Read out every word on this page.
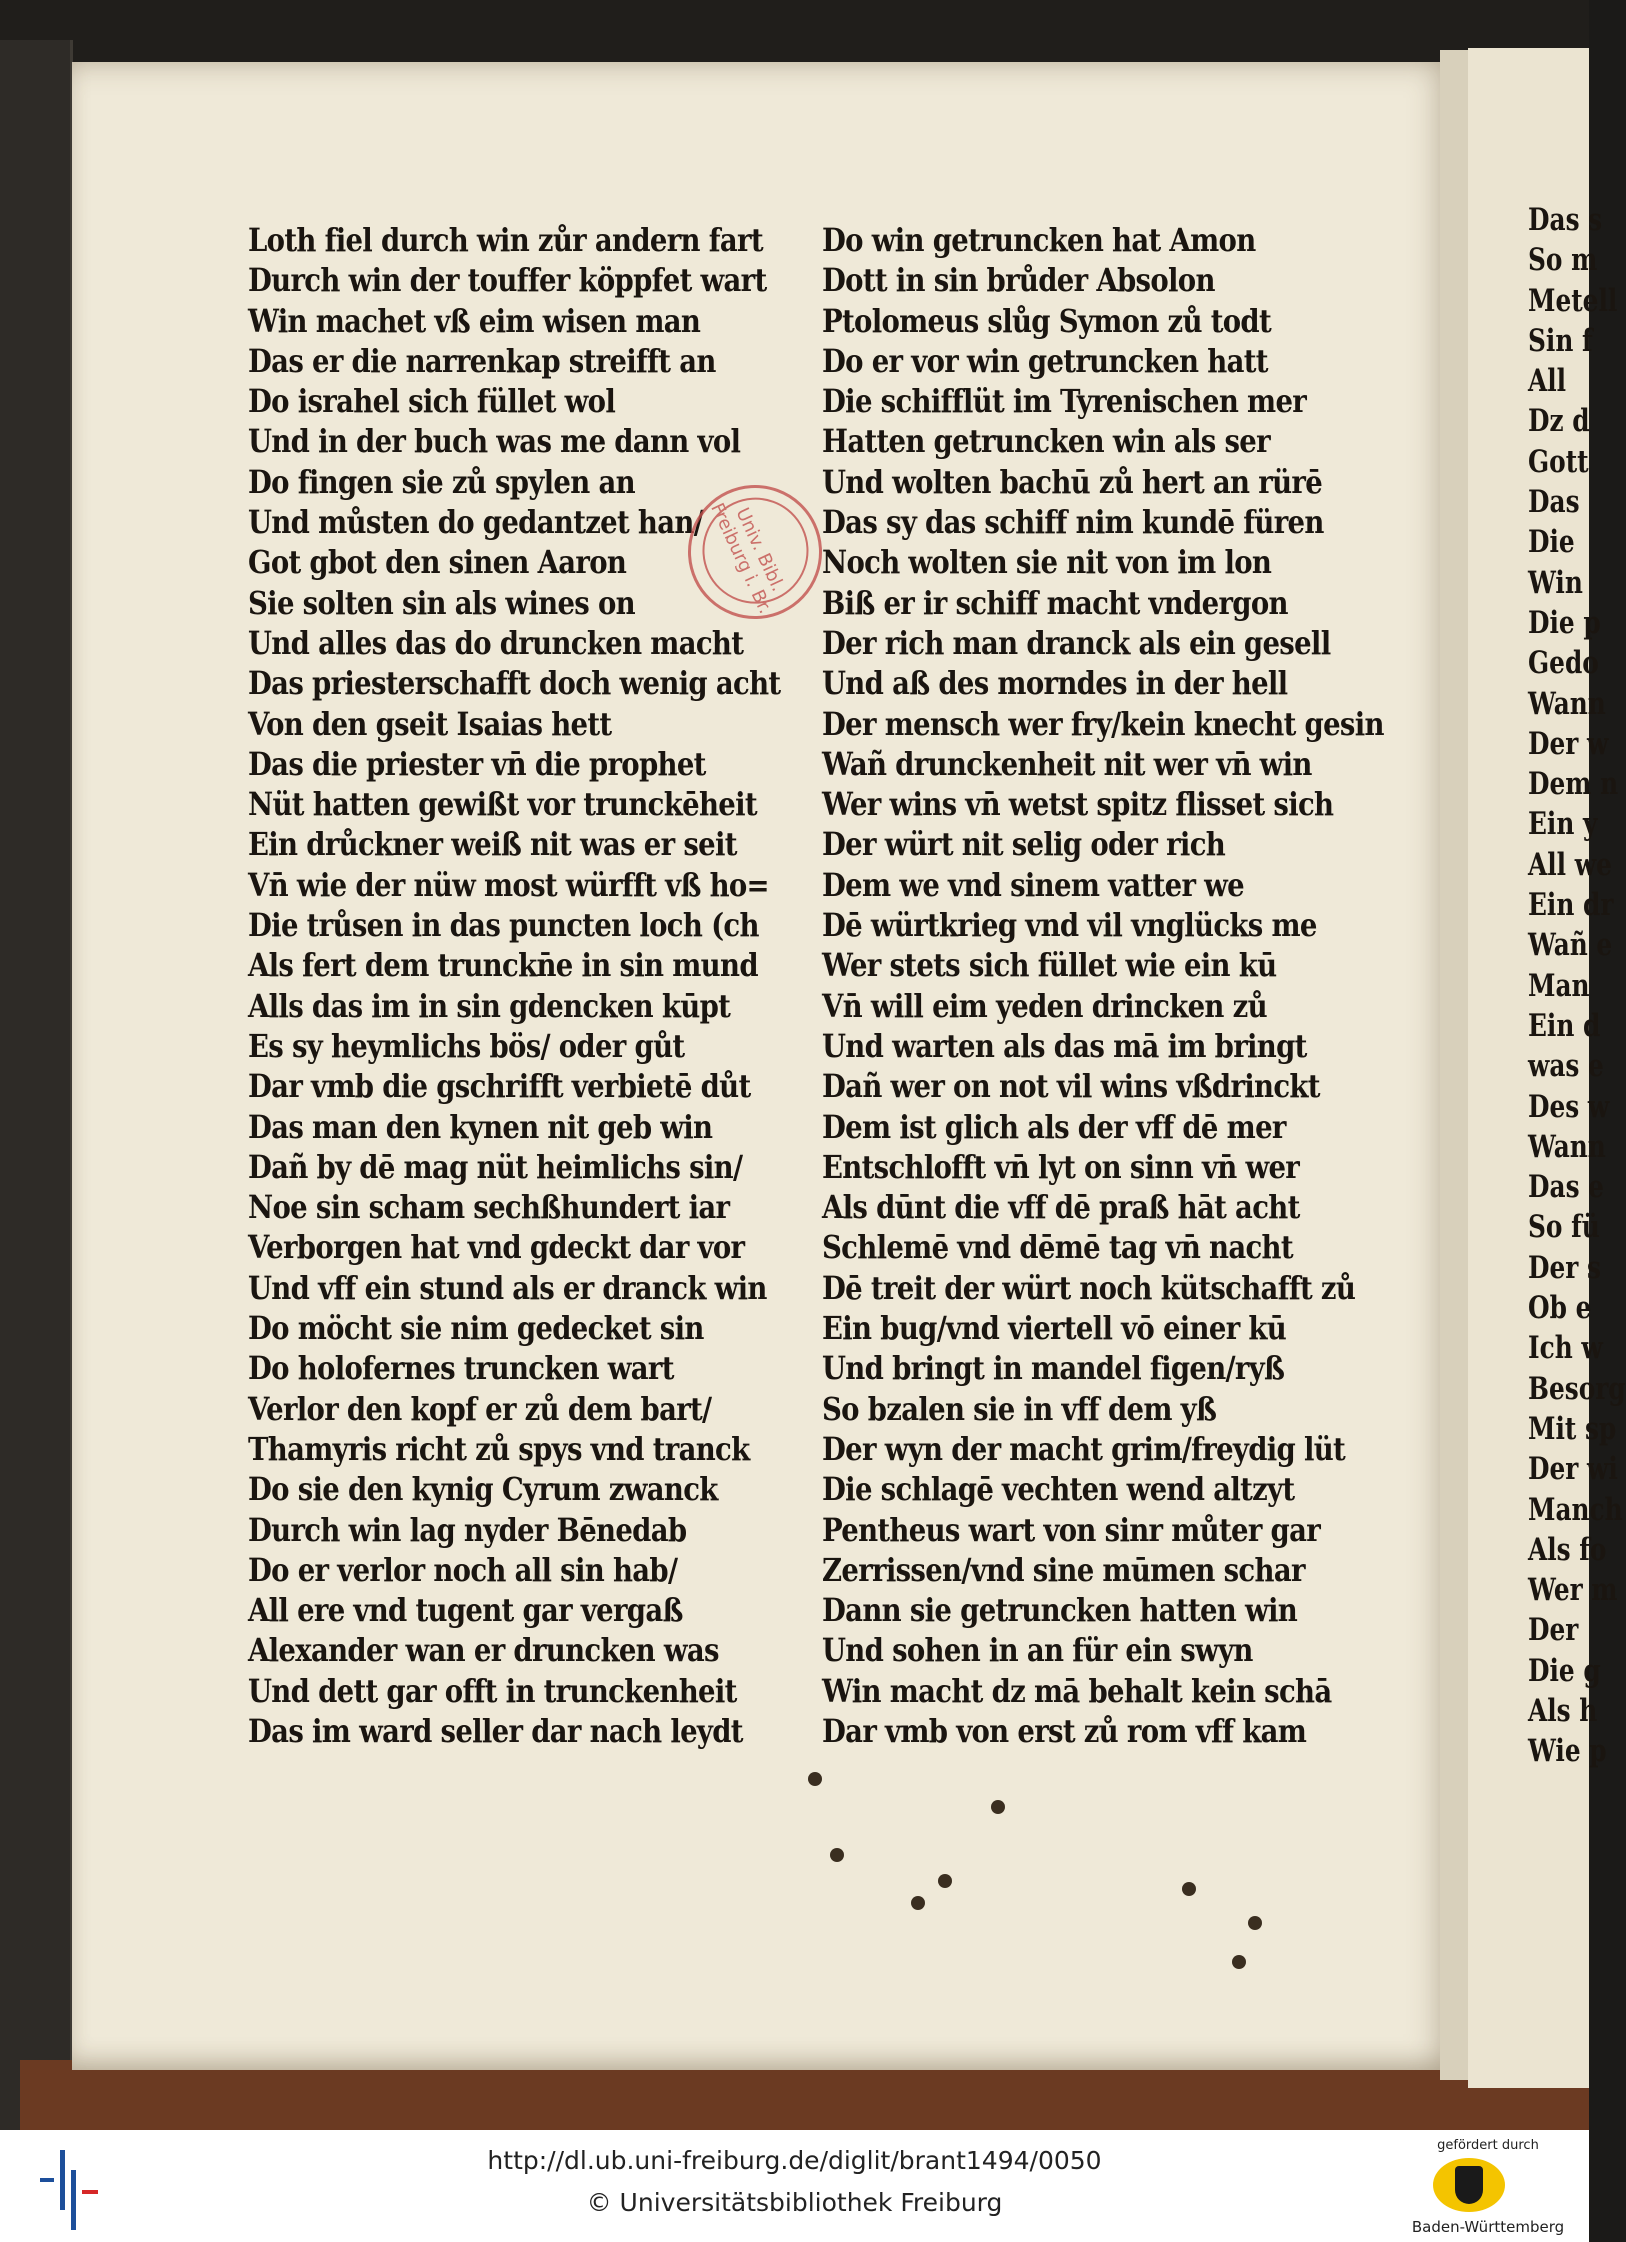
Loth fiel durch win zůr andern fart
Durch win der touffer köppfet wart
Win machet vß eim wisen man
Das er die narrenkap streifft an
Do israhel sich füllet wol
Und in der buch was me dann vol
Do fingen sie zů spylen an
Und můsten do gedantzet han/
Got gbot den sinen Aaron
Sie solten sin als wines on
Und alles das do druncken macht
Das priesterschafft doch wenig acht
Von den gseit Isaias hett
Das die priester vn̄ die prophet
Nüt hatten gewißt vor trunckēheit
Ein drůckner weiß nit was er seit
Vn̄ wie der nüw most würfft vß ho=
Die trůsen in das puncten loch (ch
Als fert dem trunckn̄e in sin mund
Alls das im in sin gdencken kūpt
Es sy heymlichs bös/ oder gůt
Dar vmb die gschrifft verbietē důt
Das man den kynen nit geb win
Dañ by dē mag nüt heimlichs sin/
Noe sin scham sechßhundert iar
Verborgen hat vnd gdeckt dar vor
Und vff ein stund als er dranck win
Do möcht sie nim gedecket sin
Do holofernes truncken wart
Verlor den kopf er zů dem bart/
Thamyris richt zů spys vnd tranck
Do sie den kynig Cyrum zwanck
Durch win lag nyder Bēnedab
Do er verlor noch all sin hab/
All ere vnd tugent gar vergaß
Alexander wan er druncken was
Und dett gar offt in trunckenheit
Das im ward seller dar nach leydt
Do win getruncken hat Amon
Dott in sin brůder Absolon
Ptolomeus slůg Symon zů todt
Do er vor win getruncken hatt
Die schifflüt im Tyrenischen mer
Hatten getruncken win als ser
Und wolten bachū zů hert an rürē
Das sy das schiff nim kundē füren
Noch wolten sie nit von im lon
Biß er ir schiff macht vndergon
Der rich man dranck als ein gesell
Und aß des morndes in der hell
Der mensch wer fry/kein knecht gesin
Wañ drunckenheit nit wer vn̄ win
Wer wins vn̄ wetst spitz flisset sich
Der würt nit selig oder rich
Dem we vnd sinem vatter we
Dē würtkrieg vnd vil vnglücks me
Wer stets sich füllet wie ein kū
Vn̄ will eim yeden drincken zů
Und warten als das mā im bringt
Dañ wer on not vil wins vßdrinckt
Dem ist glich als der vff dē mer
Entschlofft vn̄ lyt on sinn vn̄ wer
Als dūnt die vff dē praß hāt acht
Schlemē vnd dēmē tag vn̄ nacht
Dē treit der würt noch kütschafft zů
Ein bug/vnd viertell vō einer kū
Und bringt in mandel figen/ryß
So bzalen sie in vff dem yß
Der wyn der macht grim/freydig lüt
Die schlagē vechten wend altzyt
Pentheus wart von sinr můter gar
Zerrissen/vnd sine mūmen schar
Dann sie getruncken hatten win
Und sohen in an für ein swyn
Win macht dz mā behalt kein schā
Dar vmb von erst zů rom vff kam
Das s
So m
Metell
Sin f
All
Dz d
Gott
Das
Die
Win
Die p
Gedo
Wann
Der w
Dem n
Ein y
All we
Ein dr
Wañ e
Man
Ein d
was e
Des w
Wann
Das e
So fü
Der s
Ob e
Ich w
Besorg
Mit sp
Der wi
Manch
Als fo
Wer m
Der
Die g
Als h
Wie p
Univ. Bibl. Freiburg i. Br.
http://dl.ub.uni-freiburg.de/diglit/brant1494/0050
© Universitätsbibliothek Freiburg
gefördert durch
Baden-Württemberg
